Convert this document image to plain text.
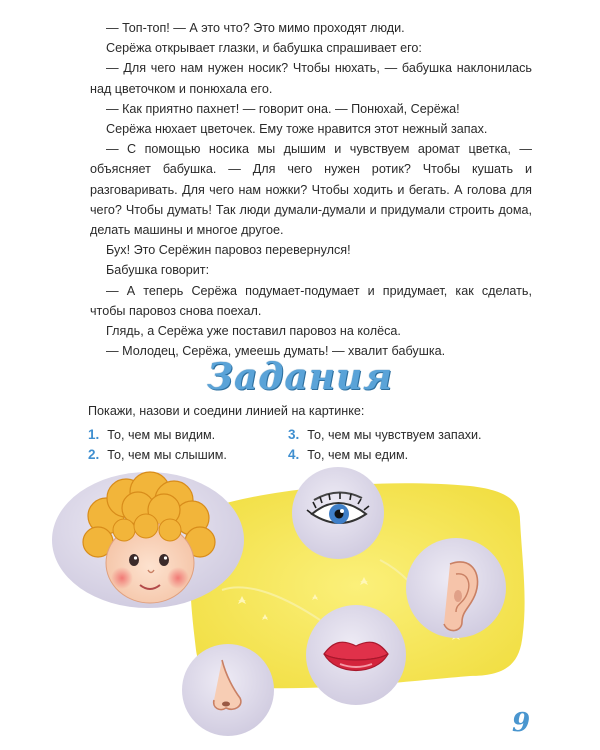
— Топ-топ! — А это что? Это мимо проходят люди.

Серёжа открывает глазки, и бабушка спрашивает его:

— Для чего нам нужен носик? Чтобы нюхать, — бабушка наклонилась над цветочком и понюхала его.

— Как приятно пахнет! — говорит она. — Понюхай, Серёжа!

Серёжа нюхает цветочек. Ему тоже нравится этот нежный запах.

— С помощью носика мы дышим и чувствуем аромат цветка, — объясняет бабушка. — Для чего нужен ротик? Чтобы кушать и разговаривать. Для чего нам ножки? Чтобы ходить и бегать. А голова для чего? Чтобы думать! Так люди думали-думали и придумали строить дома, делать машины и многое другое.

Бух! Это Серёжин паровоз перевернулся!

Бабушка говорит:

— А теперь Серёжа подумает-подумает и придумает, как сделать, чтобы паровоз снова поехал.

Глядь, а Серёжа уже поставил паровоз на колёса.

— Молодец, Серёжа, умеешь думать! — хвалит бабушка.

Задания
Покажи, назови и соедини линией на картинке:
1. То, чем мы видим.
2. То, чем мы слышим.
3. То, чем мы чувствуем запахи.
4. То, чем мы едим.
9
